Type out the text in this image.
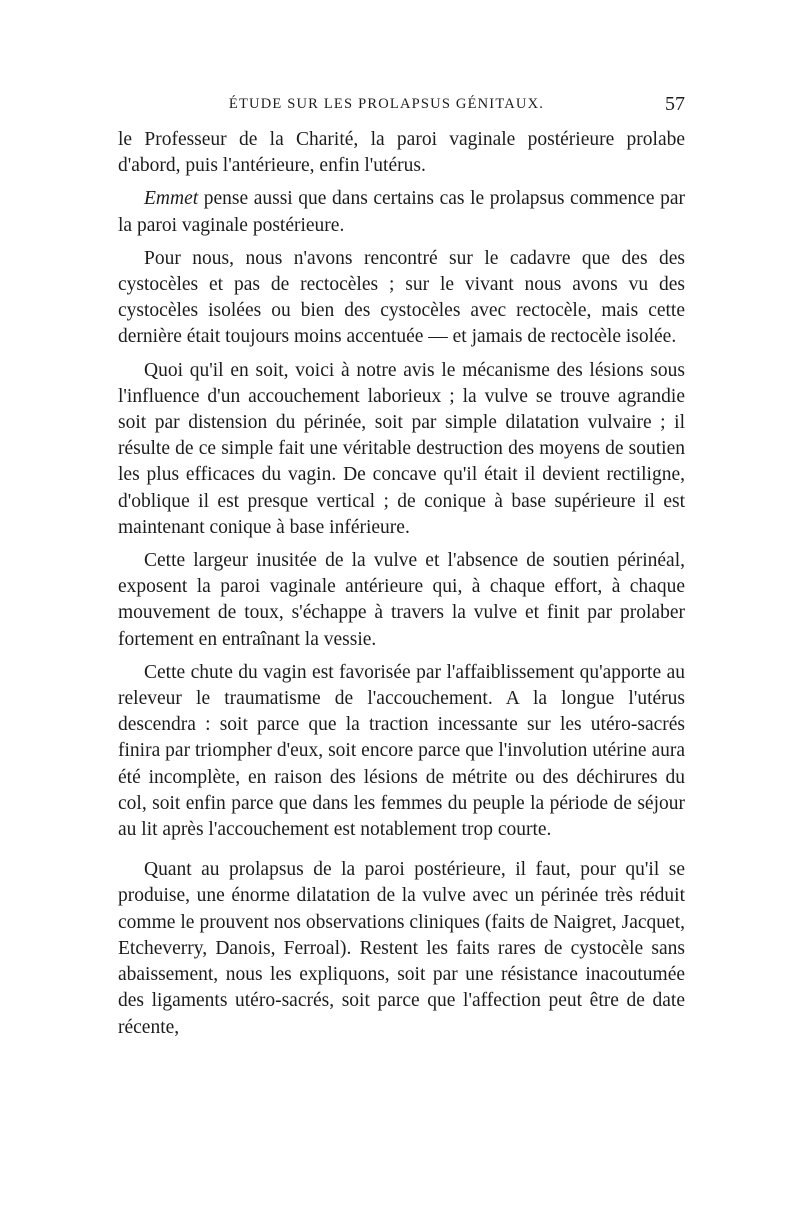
ÉTUDE SUR LES PROLAPSUS GÉNITAUX.	57

le Professeur de la Charité, la paroi vaginale postérieure prolabe d'abord, puis l'antérieure, enfin l'utérus.

Emmet pense aussi que dans certains cas le prolapsus commence par la paroi vaginale postérieure.

Pour nous, nous n'avons rencontré sur le cadavre que des des cystocèles et pas de rectocèles ; sur le vivant nous avons vu des cystocèles isolées ou bien des cystocèles avec rectocèle, mais cette dernière était toujours moins accentuée — et jamais de rectocèle isolée.

Quoi qu'il en soit, voici à notre avis le mécanisme des lésions sous l'influence d'un accouchement laborieux ; la vulve se trouve agrandie soit par distension du périnée, soit par simple dilatation vulvaire ; il résulte de ce simple fait une véritable destruction des moyens de soutien les plus efficaces du vagin. De concave qu'il était il devient rectiligne, d'oblique il est presque vertical ; de conique à base supérieure il est maintenant conique à base inférieure.

Cette largeur inusitée de la vulve et l'absence de soutien périnéal, exposent la paroi vaginale antérieure qui, à chaque effort, à chaque mouvement de toux, s'échappe à travers la vulve et finit par prolaber fortement en entraînant la vessie.

Cette chute du vagin est favorisée par l'affaiblissement qu'apporte au releveur le traumatisme de l'accouchement. A la longue l'utérus descendra : soit parce que la traction incessante sur les utéro-sacrés finira par triompher d'eux, soit encore parce que l'involution utérine aura été incomplète, en raison des lésions de métrite ou des déchirures du col, soit enfin parce que dans les femmes du peuple la période de séjour au lit après l'accouchement est notablement trop courte.

Quant au prolapsus de la paroi postérieure, il faut, pour qu'il se produise, une énorme dilatation de la vulve avec un périnée très réduit comme le prouvent nos observations cliniques (faits de Naigret, Jacquet, Etcheverry, Danois, Ferroal). Restent les faits rares de cystocèle sans abaissement, nous les expliquons, soit par une résistance inacoutumée des ligaments utéro-sacrés, soit parce que l'affection peut être de date récente,
